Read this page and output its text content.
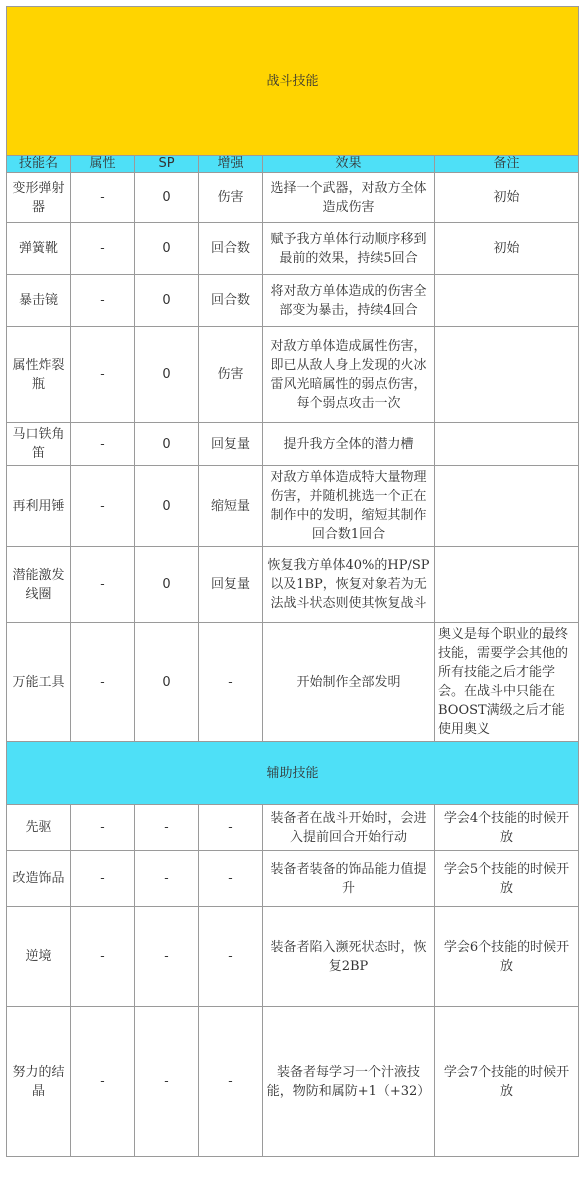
战斗技能					
技能名	属性	SP	增强	效果	备注
变形弹射器	-	0	伤害	选择一个武器，对敌方全体造成伤害	初始
弹簧靴	-	0	回合数	赋予我方单体行动顺序移到最前的效果，持续5回合	初始
暴击镜	-	0	回合数	将对敌方单体造成的伤害全部变为暴击，持续4回合	
属性炸裂瓶	-	0	伤害	对敌方单体造成属性伤害，即已从敌人身上发现的火冰雷风光暗属性的弱点伤害，每个弱点攻击一次	
马口铁角笛	-	0	回复量	提升我方全体的潜力槽	
再利用锤	-	0	缩短量	对敌方单体造成特大量物理伤害，并随机挑选一个正在制作中的发明，缩短其制作回合数1回合	
潜能激发线圈	-	0	回复量	恢复我方单体40%的HP/SP以及1BP，恢复对象若为无法战斗状态则使其恢复战斗	
万能工具	-	0	-	开始制作全部发明	奥义是每个职业的最终技能，需要学会其他的所有技能之后才能学会。在战斗中只能在BOOST满级之后才能使用奥义
辅助技能					
先驱	-	-	-	装备者在战斗开始时，会进入提前回合开始行动	学会4个技能的时候开放
改造饰品	-	-	-	装备者装备的饰品能力值提升	学会5个技能的时候开放
逆境	-	-	-	装备者陷入濒死状态时，恢复2BP	学会6个技能的时候开放
努力的结晶	-	-	-	装备者每学习一个汁液技能，物防和属防+1（+32）	学会7个技能的时候开放
